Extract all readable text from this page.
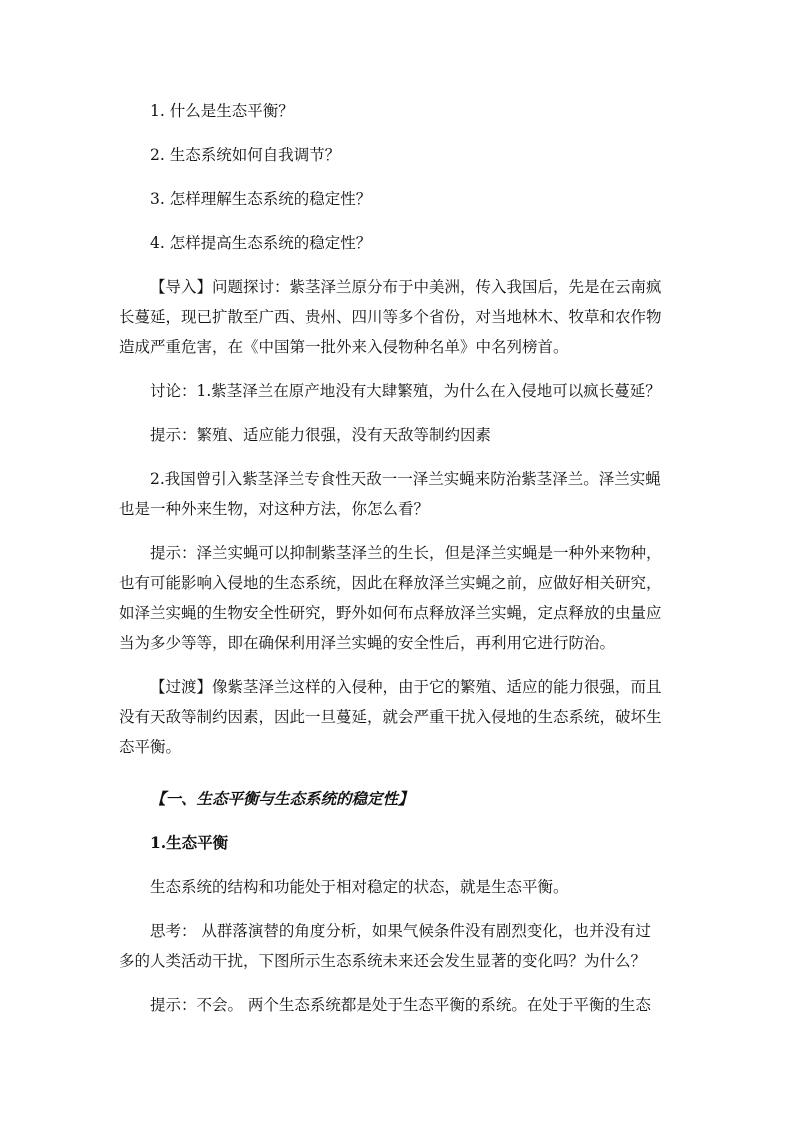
1. 什么是生态平衡？

2. 生态系统如何自我调节？

3. 怎样理解生态系统的稳定性？

4. 怎样提高生态系统的稳定性？

【导入】问题探讨：紫茎泽兰原分布于中美洲，传入我国后，先是在云南疯

长蔓延，现已扩散至广西、贵州、四川等多个省份，对当地林木、牧草和农作物

造成严重危害，在《中国第一批外来入侵物种名单》中名列榜首。

讨论：1.紫茎泽兰在原产地没有大肆繁殖，为什么在入侵地可以疯长蔓延？

提示：繁殖、适应能力很强，没有天敌等制约因素

2.我国曾引入紫茎泽兰专食性天敌一一泽兰实蝇来防治紫茎泽兰。泽兰实蝇

也是一种外来生物，对这种方法，你怎么看？

提示：泽兰实蝇可以抑制紫茎泽兰的生长，但是泽兰实蝇是一种外来物种，

也有可能影响入侵地的生态系统，因此在释放泽兰实蝇之前，应做好相关研究，

如泽兰实蝇的生物安全性研究，野外如何布点释放泽兰实蝇，定点释放的虫量应

当为多少等等，即在确保利用泽兰实蝇的安全性后，再利用它进行防治。

【过渡】像紫茎泽兰这样的入侵种，由于它的繁殖、适应的能力很强，而且

没有天敌等制约因素，因此一旦蔓延，就会严重干扰入侵地的生态系统，破坏生

态平衡。

【一、生态平衡与生态系统的稳定性】

1.生态平衡

生态系统的结构和功能处于相对稳定的状态，就是生态平衡。

思考： 从群落演替的角度分析，如果气候条件没有剧烈变化，也并没有过

多的人类活动干扰，下图所示生态系统未来还会发生显著的变化吗？为什么？

提示：不会。 两个生态系统都是处于生态平衡的系统。在处于平衡的生态
